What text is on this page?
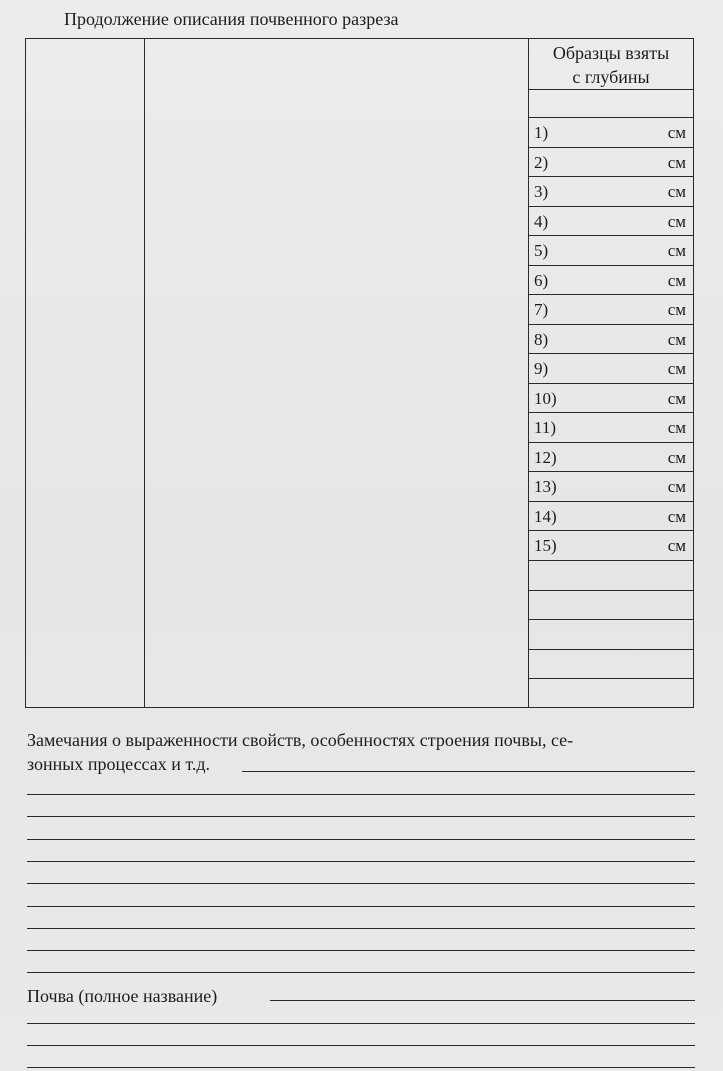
Продолжение описания почвенного разреза
Образцы взяты
с глубины
1)	см
2)	см
3)	см
4)	см
5)	см
6)	см
7)	см
8)	см
9)	см
10)	см
11)	см
12)	см
13)	см
14)	см
15)	см
Замечания о выраженности свойств, особенностях строения почвы, се-
зонных процессах и т.д.
Почва (полное название)
